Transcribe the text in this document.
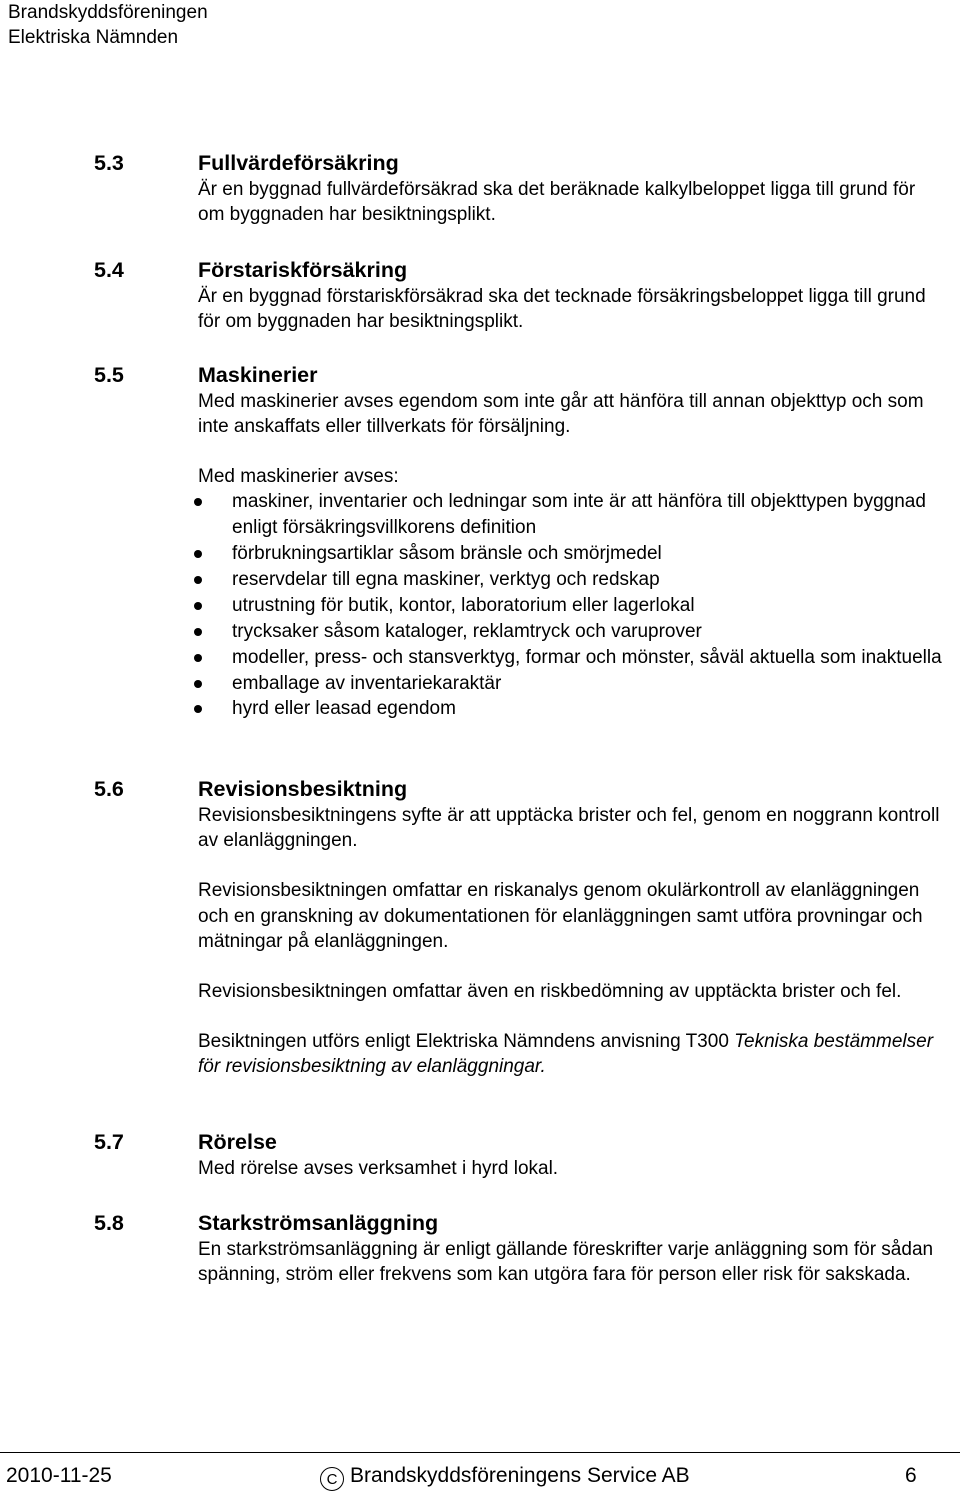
Brandskyddsföreningen
Elektriska Nämnden
5.3	Fullvärdeförsäkring

Är en byggnad fullvärdeförsäkrad ska det beräknade kalkylbeloppet ligga till grund för om byggnaden har besiktningsplikt.

5.4	Förstariskförsäkring

Är en byggnad förstariskförsäkrad ska det tecknade försäkringsbeloppet ligga till grund för om byggnaden har besiktningsplikt.

5.5	Maskinerier

Med maskinerier avses egendom som inte går att hänföra till annan objekttyp och som inte anskaffats eller tillverkats för försäljning.

Med maskinerier avses:

maskiner, inventarier och ledningar som inte är att hänföra till objekttypen byggnad enligt försäkringsvillkorens definition
förbrukningsartiklar såsom bränsle och smörjmedel
reservdelar till egna maskiner, verktyg och redskap
utrustning för butik, kontor, laboratorium eller lagerlokal
trycksaker såsom kataloger, reklamtryck och varuprover
modeller, press- och stansverktyg, formar och mönster, såväl aktuella som inaktuella
emballage av inventariekaraktär
hyrd eller leasad egendom
5.6	Revisionsbesiktning

Revisionsbesiktningens syfte är att upptäcka brister och fel, genom en noggrann kontroll av elanläggningen.

Revisionsbesiktningen omfattar en riskanalys genom okulärkontroll av elanläggningen och en granskning av dokumentationen för elanläggningen samt utföra provningar och mätningar på elanläggningen.

Revisionsbesiktningen omfattar även en riskbedömning av upptäckta brister och fel.

Besiktningen utförs enligt Elektriska Nämndens anvisning T300 Tekniska bestämmelser för revisionsbesiktning av elanläggningar.

5.7	Rörelse

Med rörelse avses verksamhet i hyrd lokal.

5.8	Starkströmsanläggning

En starkströmsanläggning är enligt gällande föreskrifter varje anläggning som för sådan spänning, ström eller frekvens som kan utgöra fara för person eller risk för sakskada.

2010-11-25	C Brandskyddsföreningens Service AB	6
